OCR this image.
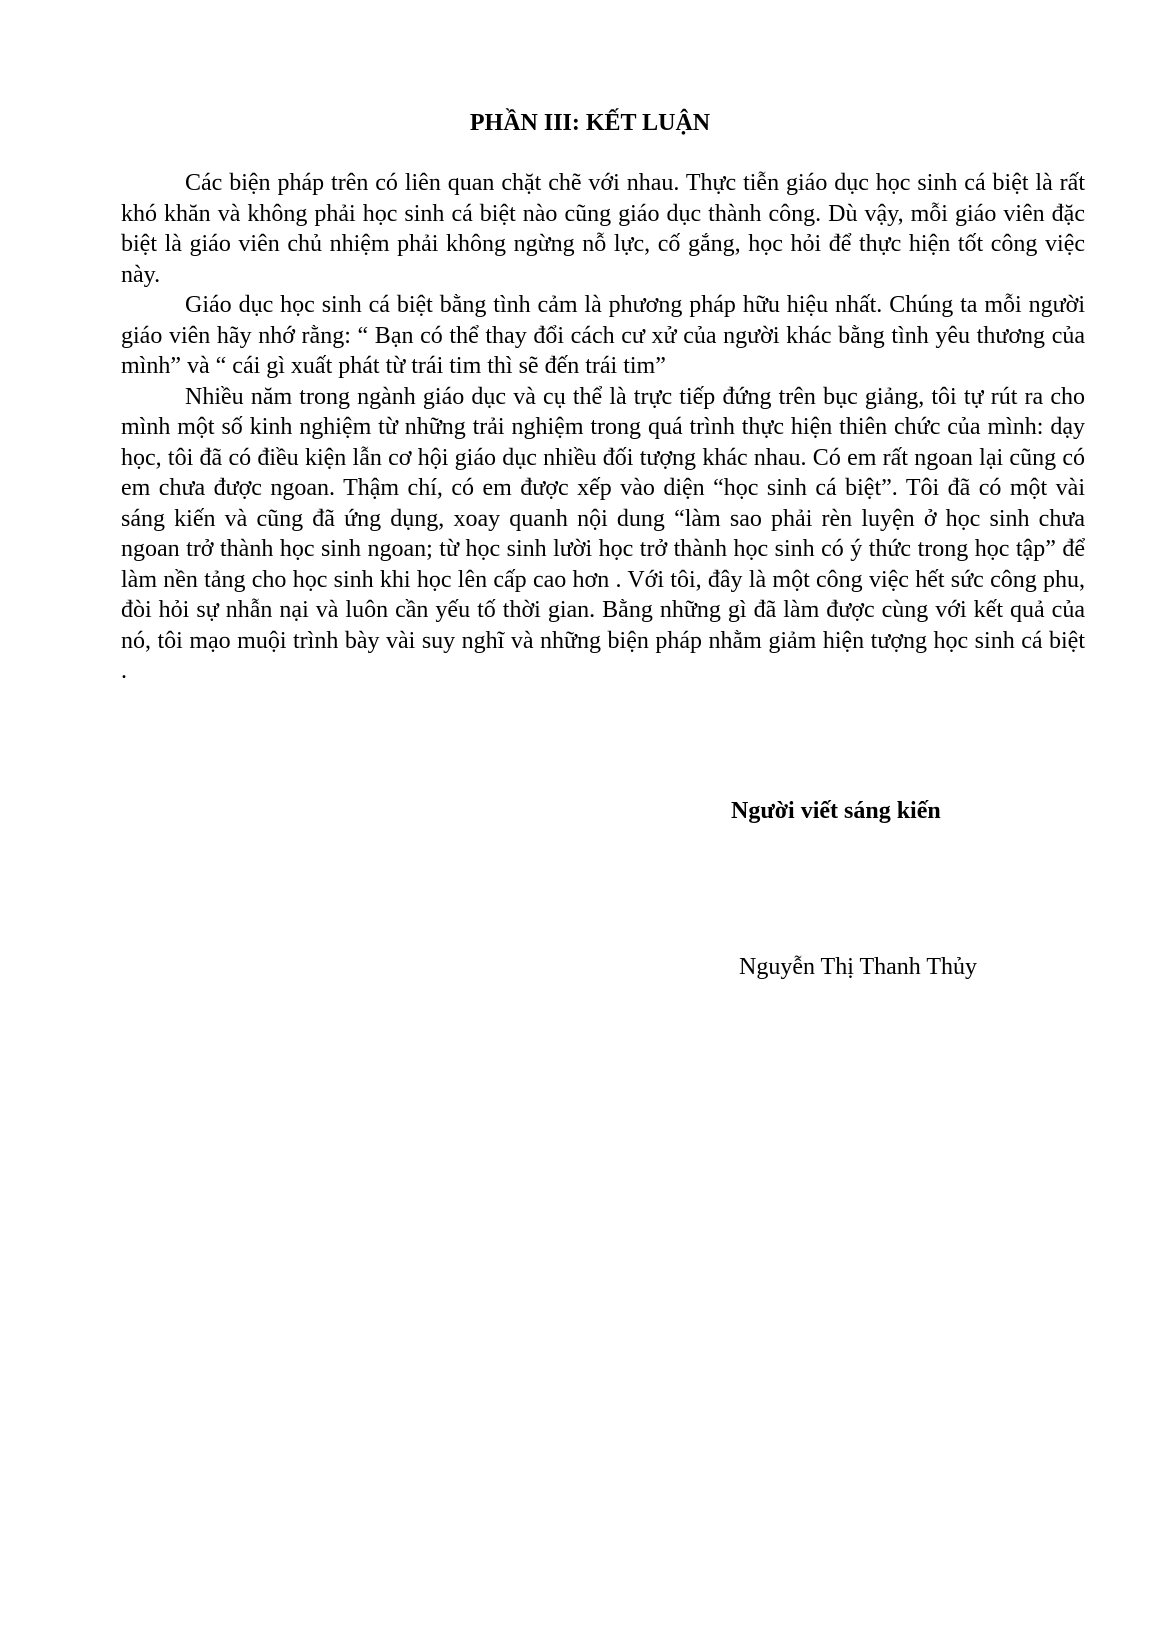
PHẦN III: KẾT LUẬN

Các biện pháp trên có liên quan chặt chẽ với nhau. Thực tiễn giáo dục học sinh cá biệt là rất khó khăn và không phải học sinh cá biệt nào cũng giáo dục thành công. Dù vậy, mỗi giáo viên đặc biệt là giáo viên chủ nhiệm phải không ngừng nỗ lực, cố gắng, học hỏi để thực hiện tốt công việc này.

Giáo dục học sinh cá biệt bằng tình cảm là phương pháp hữu hiệu nhất. Chúng ta mỗi người giáo viên hãy nhớ rằng: “ Bạn có thể thay đổi cách cư xử của người khác bằng tình yêu thương của mình” và “ cái gì xuất phát từ trái tim thì sẽ đến trái tim”

Nhiều năm trong ngành giáo dục và cụ thể là trực tiếp đứng trên bục giảng, tôi tự rút ra cho mình một số kinh nghiệm từ những trải nghiệm trong quá trình thực hiện thiên chức của mình: dạy học, tôi đã có điều kiện lẫn cơ hội giáo dục nhiều đối tượng khác nhau. Có em rất ngoan lại cũng có em chưa được ngoan. Thậm chí, có em được xếp vào diện “học sinh cá biệt”. Tôi đã có một vài sáng kiến và cũng đã ứng dụng, xoay quanh nội dung “làm sao phải rèn luyện ở học sinh chưa ngoan trở thành học sinh ngoan; từ học sinh lười học trở thành học sinh có ý thức trong học tập” để làm nền tảng cho học sinh khi học lên cấp cao hơn . Với tôi, đây là một công việc hết sức công phu, đòi hỏi sự nhẫn nại và luôn cần yếu tố thời gian. Bằng những gì đã làm được cùng với kết quả của nó, tôi mạo muội trình bày vài suy nghĩ và những biện pháp nhằm giảm hiện tượng học sinh cá biệt .

Người viết sáng kiến

Nguyễn Thị Thanh Thủy
